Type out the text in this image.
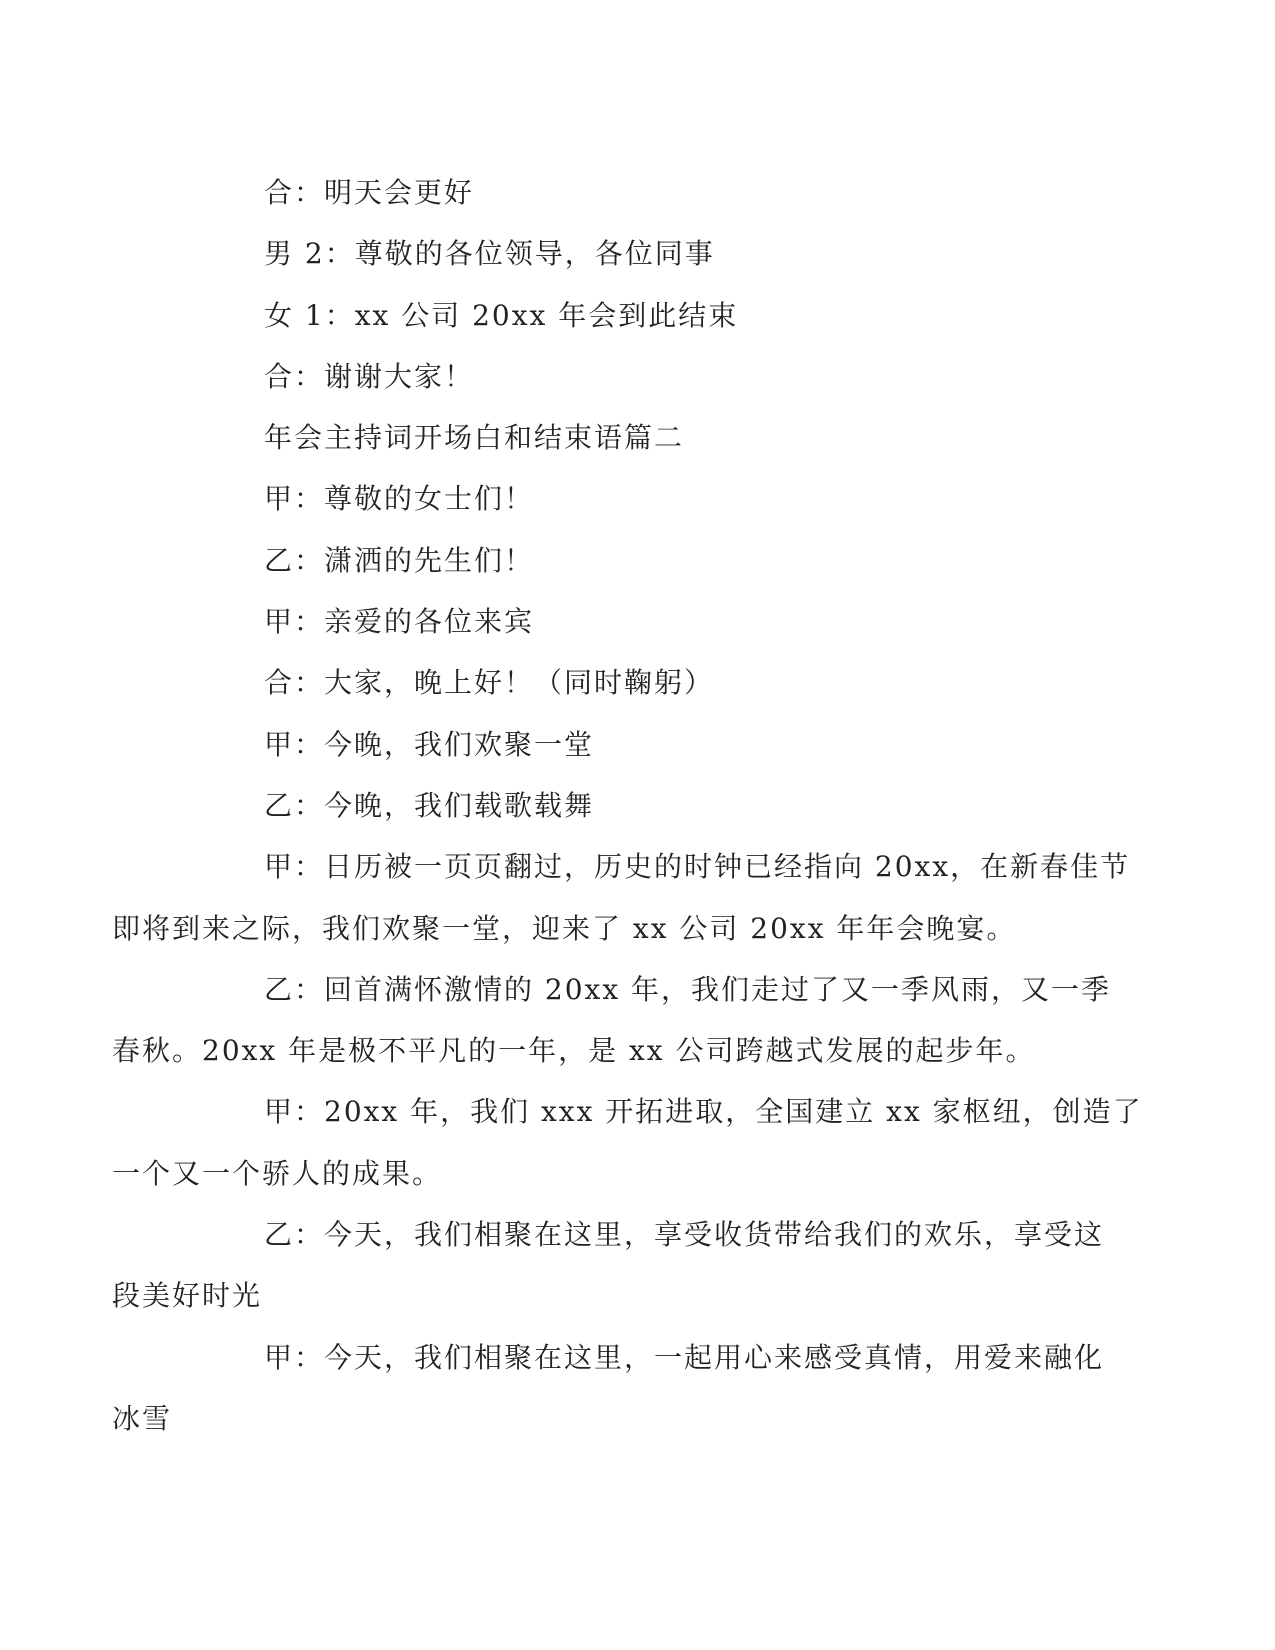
合：明天会更好

男 2：尊敬的各位领导，各位同事

女 1：xx 公司 20xx 年会到此结束

合：谢谢大家！

年会主持词开场白和结束语篇二

甲：尊敬的女士们！

乙：潇洒的先生们！

甲：亲爱的各位来宾

合：大家，晚上好！（同时鞠躬）

甲：今晚，我们欢聚一堂

乙：今晚，我们载歌载舞

甲：日历被一页页翻过，历史的时钟已经指向 20xx，在新春佳节
即将到来之际，我们欢聚一堂，迎来了 xx 公司 20xx 年年会晚宴。

乙：回首满怀激情的 20xx 年，我们走过了又一季风雨，又一季
春秋。20xx 年是极不平凡的一年，是 xx 公司跨越式发展的起步年。

甲：20xx 年，我们 xxx 开拓进取，全国建立 xx 家枢纽，创造了
一个又一个骄人的成果。

乙：今天，我们相聚在这里，享受收货带给我们的欢乐，享受这
段美好时光

甲：今天，我们相聚在这里，一起用心来感受真情，用爱来融化
冰雪
